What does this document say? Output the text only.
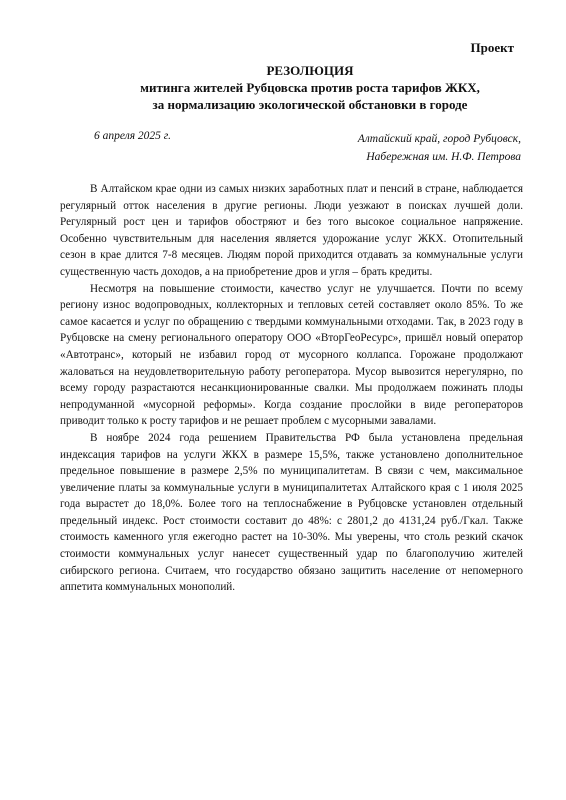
Проект
РЕЗОЛЮЦИЯ
митинга жителей Рубцовска против роста тарифов ЖКХ,
за нормализацию экологической обстановки в городе
6 апреля 2025 г.	Алтайский край, город Рубцовск,
Набережная им. Н.Ф. Петрова

В Алтайском крае одни из самых низких заработных плат и пенсий в стране, наблюдается регулярный отток населения в другие регионы. Люди уезжают в поисках лучшей доли. Регулярный рост цен и тарифов обостряют и без того высокое социальное напряжение. Особенно чувствительным для населения является удорожание услуг ЖКХ. Отопительный сезон в крае длится 7-8 месяцев. Людям порой приходится отдавать за коммунальные услуги существенную часть доходов, а на приобретение дров и угля – брать кредиты.

Несмотря на повышение стоимости, качество услуг не улучшается. Почти по всему региону износ водопроводных, коллекторных и тепловых сетей составляет около 85%. То же самое касается и услуг по обращению с твердыми коммунальными отходами. Так, в 2023 году в Рубцовске на смену регионального оператору ООО «ВторГеоРесурс», пришёл новый оператор «Автотранс», который не избавил город от мусорного коллапса. Горожане продолжают жаловаться на неудовлетворительную работу регоператора. Мусор вывозится нерегулярно, по всему городу разрастаются несанкционированные свалки. Мы продолжаем пожинать плоды непродуманной «мусорной реформы». Когда создание прослойки в виде регоператоров приводит только к росту тарифов и не решает проблем с мусорными завалами.

В ноябре 2024 года решением Правительства РФ была установлена предельная индексация тарифов на услуги ЖКХ в размере 15,5%, также установлено дополнительное предельное повышение в размере 2,5% по муниципалитетам. В связи с чем, максимальное увеличение платы за коммунальные услуги в муниципалитетах Алтайского края с 1 июля 2025 года вырастет до 18,0%. Более того на теплоснабжение в Рубцовске установлен отдельный предельный индекс. Рост стоимости составит до 48%: с 2801,2 до 4131,24 руб./Гкал. Также стоимость каменного угля ежегодно растет на 10-30%. Мы уверены, что столь резкий скачок стоимости коммунальных услуг нанесет существенный удар по благополучию жителей сибирского региона. Считаем, что государство обязано защитить население от непомерного аппетита коммунальных монополий.
